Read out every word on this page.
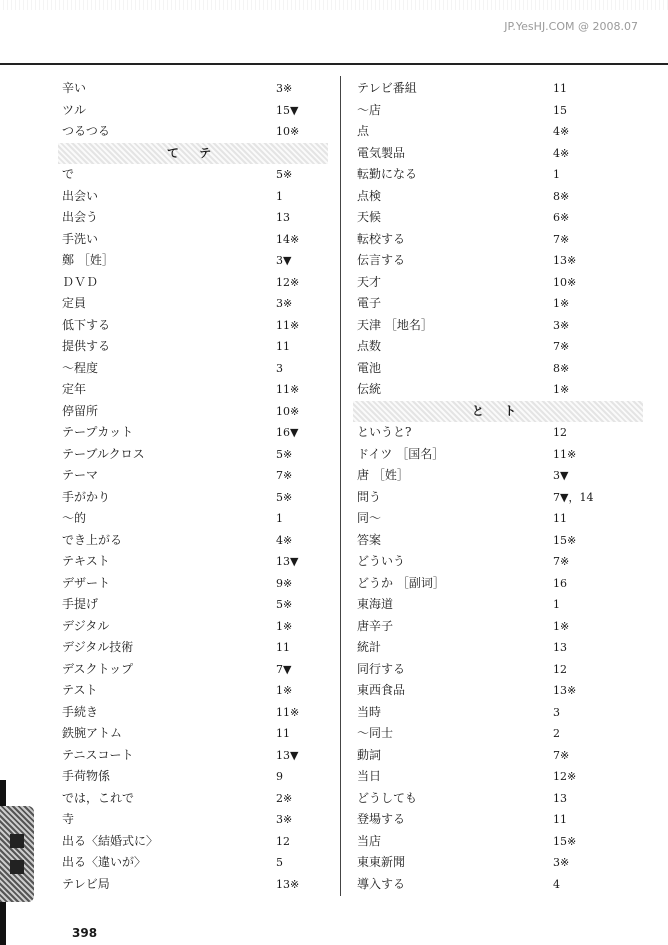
JP.YesHJ.COM @ 2008.07
辛い	3※
ツル	15▼
つるつる	10※
て テ
で	5※
出会い	1
出会う	13
手洗い	14※
鄭 ［姓］	3▼
ＤＶＤ	12※
定員	3※
低下する	11※
提供する	11
～程度	3
定年	11※
停留所	10※
テープカット	16▼
テーブルクロス	5※
テーマ	7※
手がかり	5※
～的	1
でき上がる	4※
テキスト	13▼
デザート	9※
手提げ	5※
デジタル	1※
デジタル技術	11
デスクトップ	7▼
テスト	1※
手続き	11※
鉄腕アトム	11
テニスコート	13▼
手荷物係	9
では，これで	2※
寺	3※
出る〈結婚式に〉	12
出る〈違いが〉	5
テレビ局	13※
テレビ番組	11
～店	15
点	4※
電気製品	4※
転勤になる	1
点検	8※
天候	6※
転校する	7※
伝言する	13※
天才	10※
電子	1※
天津 ［地名］	3※
点数	7※
電池	8※
伝統	1※
と ト
というと?	12
ドイツ ［国名］	11※
唐 ［姓］	3▼
問う	7▼，14
同～	11
答案	15※
どういう	7※
どうか ［副词］	16
東海道	1
唐辛子	1※
統計	13
同行する	12
東西食品	13※
当時	3
～同士	2
動詞	7※
当日	12※
どうしても	13
登場する	11
当店	15※
東東新聞	3※
導入する	4
398
